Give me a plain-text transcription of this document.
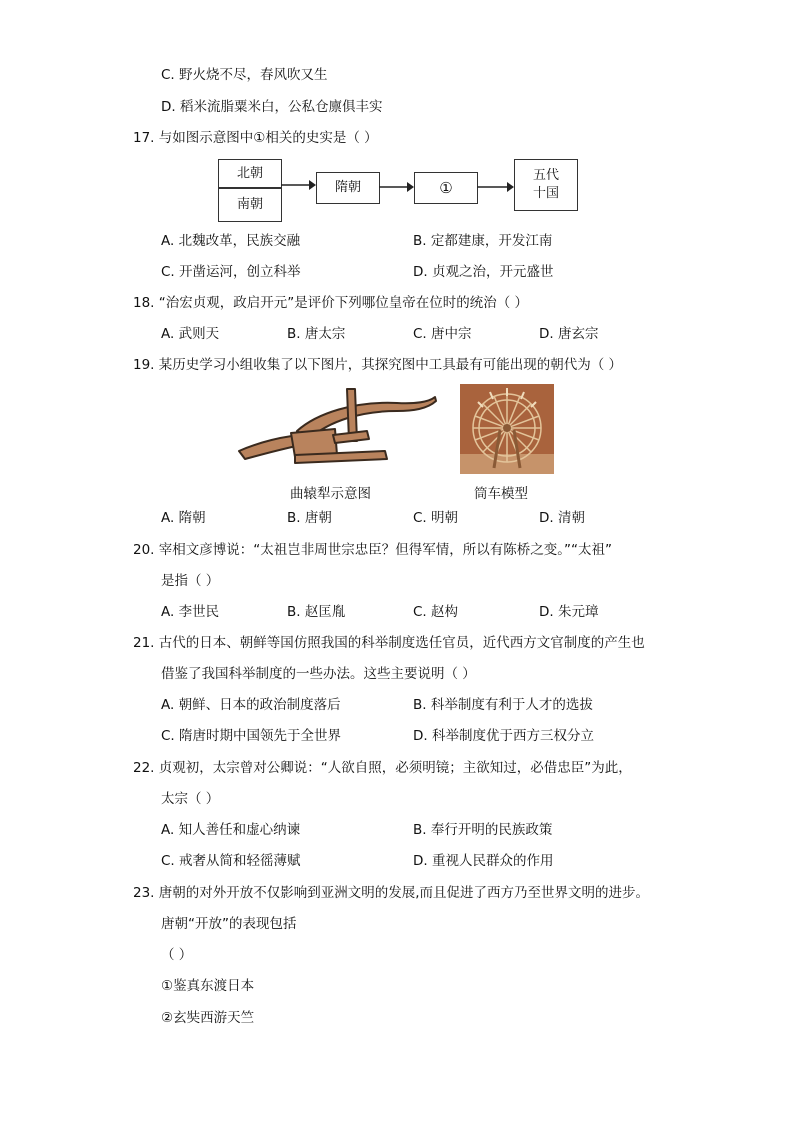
C. 野火烧不尽，春风吹又生
D. 稻米流脂粟米白，公私仓廪俱丰实
17. 与如图示意图中①相关的史实是（ ）
北朝
南朝
隋朝	①
五代
十国
A. 北魏改革，民族交融	B. 定都建康，开发江南
C. 开凿运河，创立科举	D. 贞观之治，开元盛世
18. “治宏贞观，政启开元”是评价下列哪位皇帝在位时的统治（ ）
A. 武则天	B. 唐太宗	C. 唐中宗	D. 唐玄宗
19. 某历史学习小组收集了以下图片，其探究图中工具最有可能出现的朝代为（ ）
曲辕犁示意图	筒车模型
A. 隋朝	B. 唐朝	C. 明朝	D. 清朝
20. 宰相文彦博说：“太祖岂非周世宗忠臣？但得军情，所以有陈桥之变。”“太祖”
是指（ ）
A. 李世民	B. 赵匡胤	C. 赵构	D. 朱元璋
21. 古代的日本、朝鲜等国仿照我国的科举制度选任官员，近代西方文官制度的产生也
借鉴了我国科举制度的一些办法。这些主要说明（ ）
A. 朝鲜、日本的政治制度落后	B. 科举制度有利于人才的选拔
C. 隋唐时期中国领先于全世界	D. 科举制度优于西方三权分立
22. 贞观初，太宗曾对公卿说：“人欲自照，必须明镜；主欲知过，必借忠臣”为此，
太宗（ ）
A. 知人善任和虚心纳谏	B. 奉行开明的民族政策
C. 戒奢从简和轻徭薄赋	D. 重视人民群众的作用
23. 唐朝的对外开放不仅影响到亚洲文明的发展,而且促进了西方乃至世界文明的进步。
唐朝“开放”的表现包括
（ ）
①鉴真东渡日本
②玄奘西游天竺
